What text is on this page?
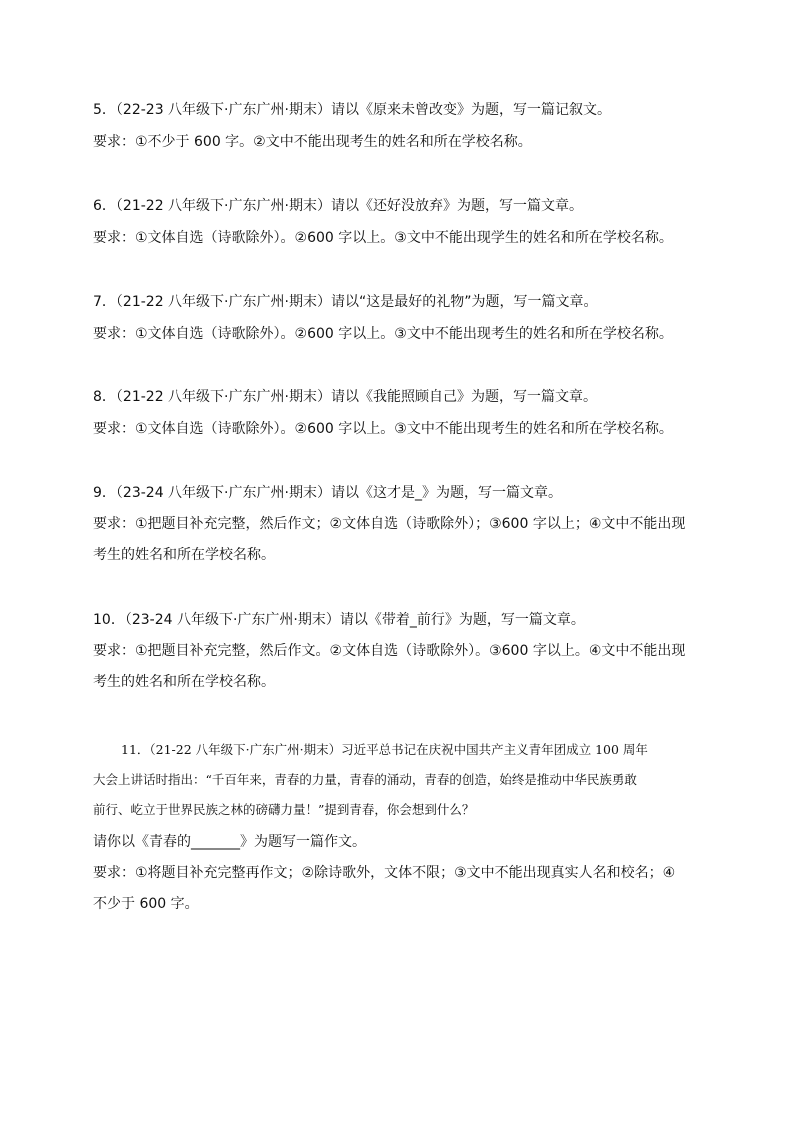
5．（22-23 八年级下·广东广州·期末）请以《原来未曾改变》为题，写一篇记叙文。
要求：①不少于 600 字。②文中不能出现考生的姓名和所在学校名称。
6．（21-22 八年级下·广东广州·期末）请以《还好没放弃》为题，写一篇文章。
要求：①文体自选（诗歌除外）。②600 字以上。③文中不能出现学生的姓名和所在学校名称。
7．（21-22 八年级下·广东广州·期末）请以“这是最好的礼物”为题，写一篇文章。
要求：①文体自选（诗歌除外）。②600 字以上。③文中不能出现考生的姓名和所在学校名称。
8．（21-22 八年级下·广东广州·期末）请以《我能照顾自己》为题，写一篇文章。
要求：①文体自选（诗歌除外）。②600 字以上。③文中不能出现考生的姓名和所在学校名称。
9．（23-24 八年级下·广东广州·期末）请以《这才是_》为题，写一篇文章。
要求：①把题目补充完整，然后作文；②文体自选（诗歌除外）；③600 字以上；④文中不能出现
考生的姓名和所在学校名称。
10．（23-24 八年级下·广东广州·期末）请以《带着_前行》为题，写一篇文章。
要求：①把题目补充完整，然后作文。②文体自选（诗歌除外）。③600 字以上。④文中不能出现
考生的姓名和所在学校名称。
11．（21-22 八年级下·广东广州·期末）习近平总书记在庆祝中国共产主义青年团成立 100 周年
大会上讲话时指出：“千百年来，青春的力量，青春的涌动，青春的创造，始终是推动中华民族勇敢
前行、屹立于世界民族之林的磅礴力量！”提到青春，你会想到什么？
请你以《青春的_______》为题写一篇作文。
要求：①将题目补充完整再作文；②除诗歌外，文体不限；③文中不能出现真实人名和校名；④
不少于 600 字。
